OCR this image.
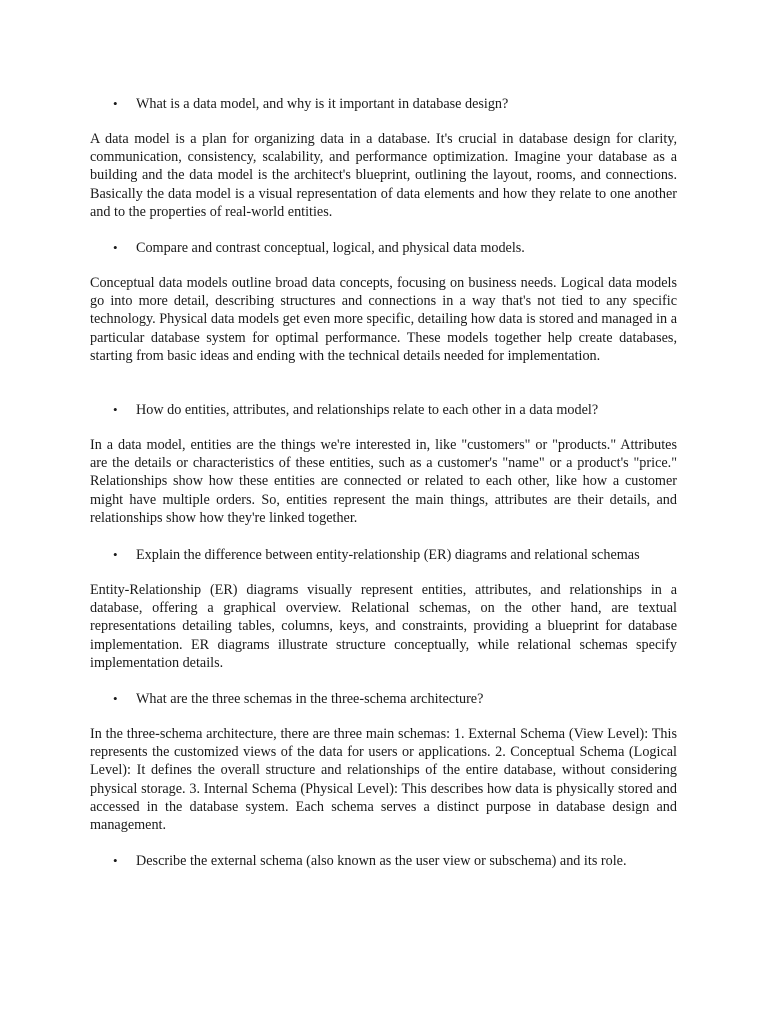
• What is a data model, and why is it important in database design?

A data model is a plan for organizing data in a database. It's crucial in database design for clarity, communication, consistency, scalability, and performance optimization. Imagine your database as a building and the data model is the architect's blueprint, outlining the layout, rooms, and connections. Basically the data model is a visual representation of data elements and how they relate to one another and to the properties of real-world entities.

• Compare and contrast conceptual, logical, and physical data models.

Conceptual data models outline broad data concepts, focusing on business needs. Logical data models go into more detail, describing structures and connections in a way that's not tied to any specific technology. Physical data models get even more specific, detailing how data is stored and managed in a particular database system for optimal performance. These models together help create databases, starting from basic ideas and ending with the technical details needed for implementation.

• How do entities, attributes, and relationships relate to each other in a data model?

In a data model, entities are the things we're interested in, like "customers" or "products." Attributes are the details or characteristics of these entities, such as a customer's "name" or a product's "price." Relationships show how these entities are connected or related to each other, like how a customer might have multiple orders. So, entities represent the main things, attributes are their details, and relationships show how they're linked together.

• Explain the difference between entity-relationship (ER) diagrams and relational schemas

Entity-Relationship (ER) diagrams visually represent entities, attributes, and relationships in a database, offering a graphical overview. Relational schemas, on the other hand, are textual representations detailing tables, columns, keys, and constraints, providing a blueprint for database implementation. ER diagrams illustrate structure conceptually, while relational schemas specify implementation details.

• What are the three schemas in the three-schema architecture?

In the three-schema architecture, there are three main schemas: 1. External Schema (View Level): This represents the customized views of the data for users or applications. 2. Conceptual Schema (Logical Level): It defines the overall structure and relationships of the entire database, without considering physical storage. 3. Internal Schema (Physical Level): This describes how data is physically stored and accessed in the database system. Each schema serves a distinct purpose in database design and management.

• Describe the external schema (also known as the user view or subschema) and its role.
